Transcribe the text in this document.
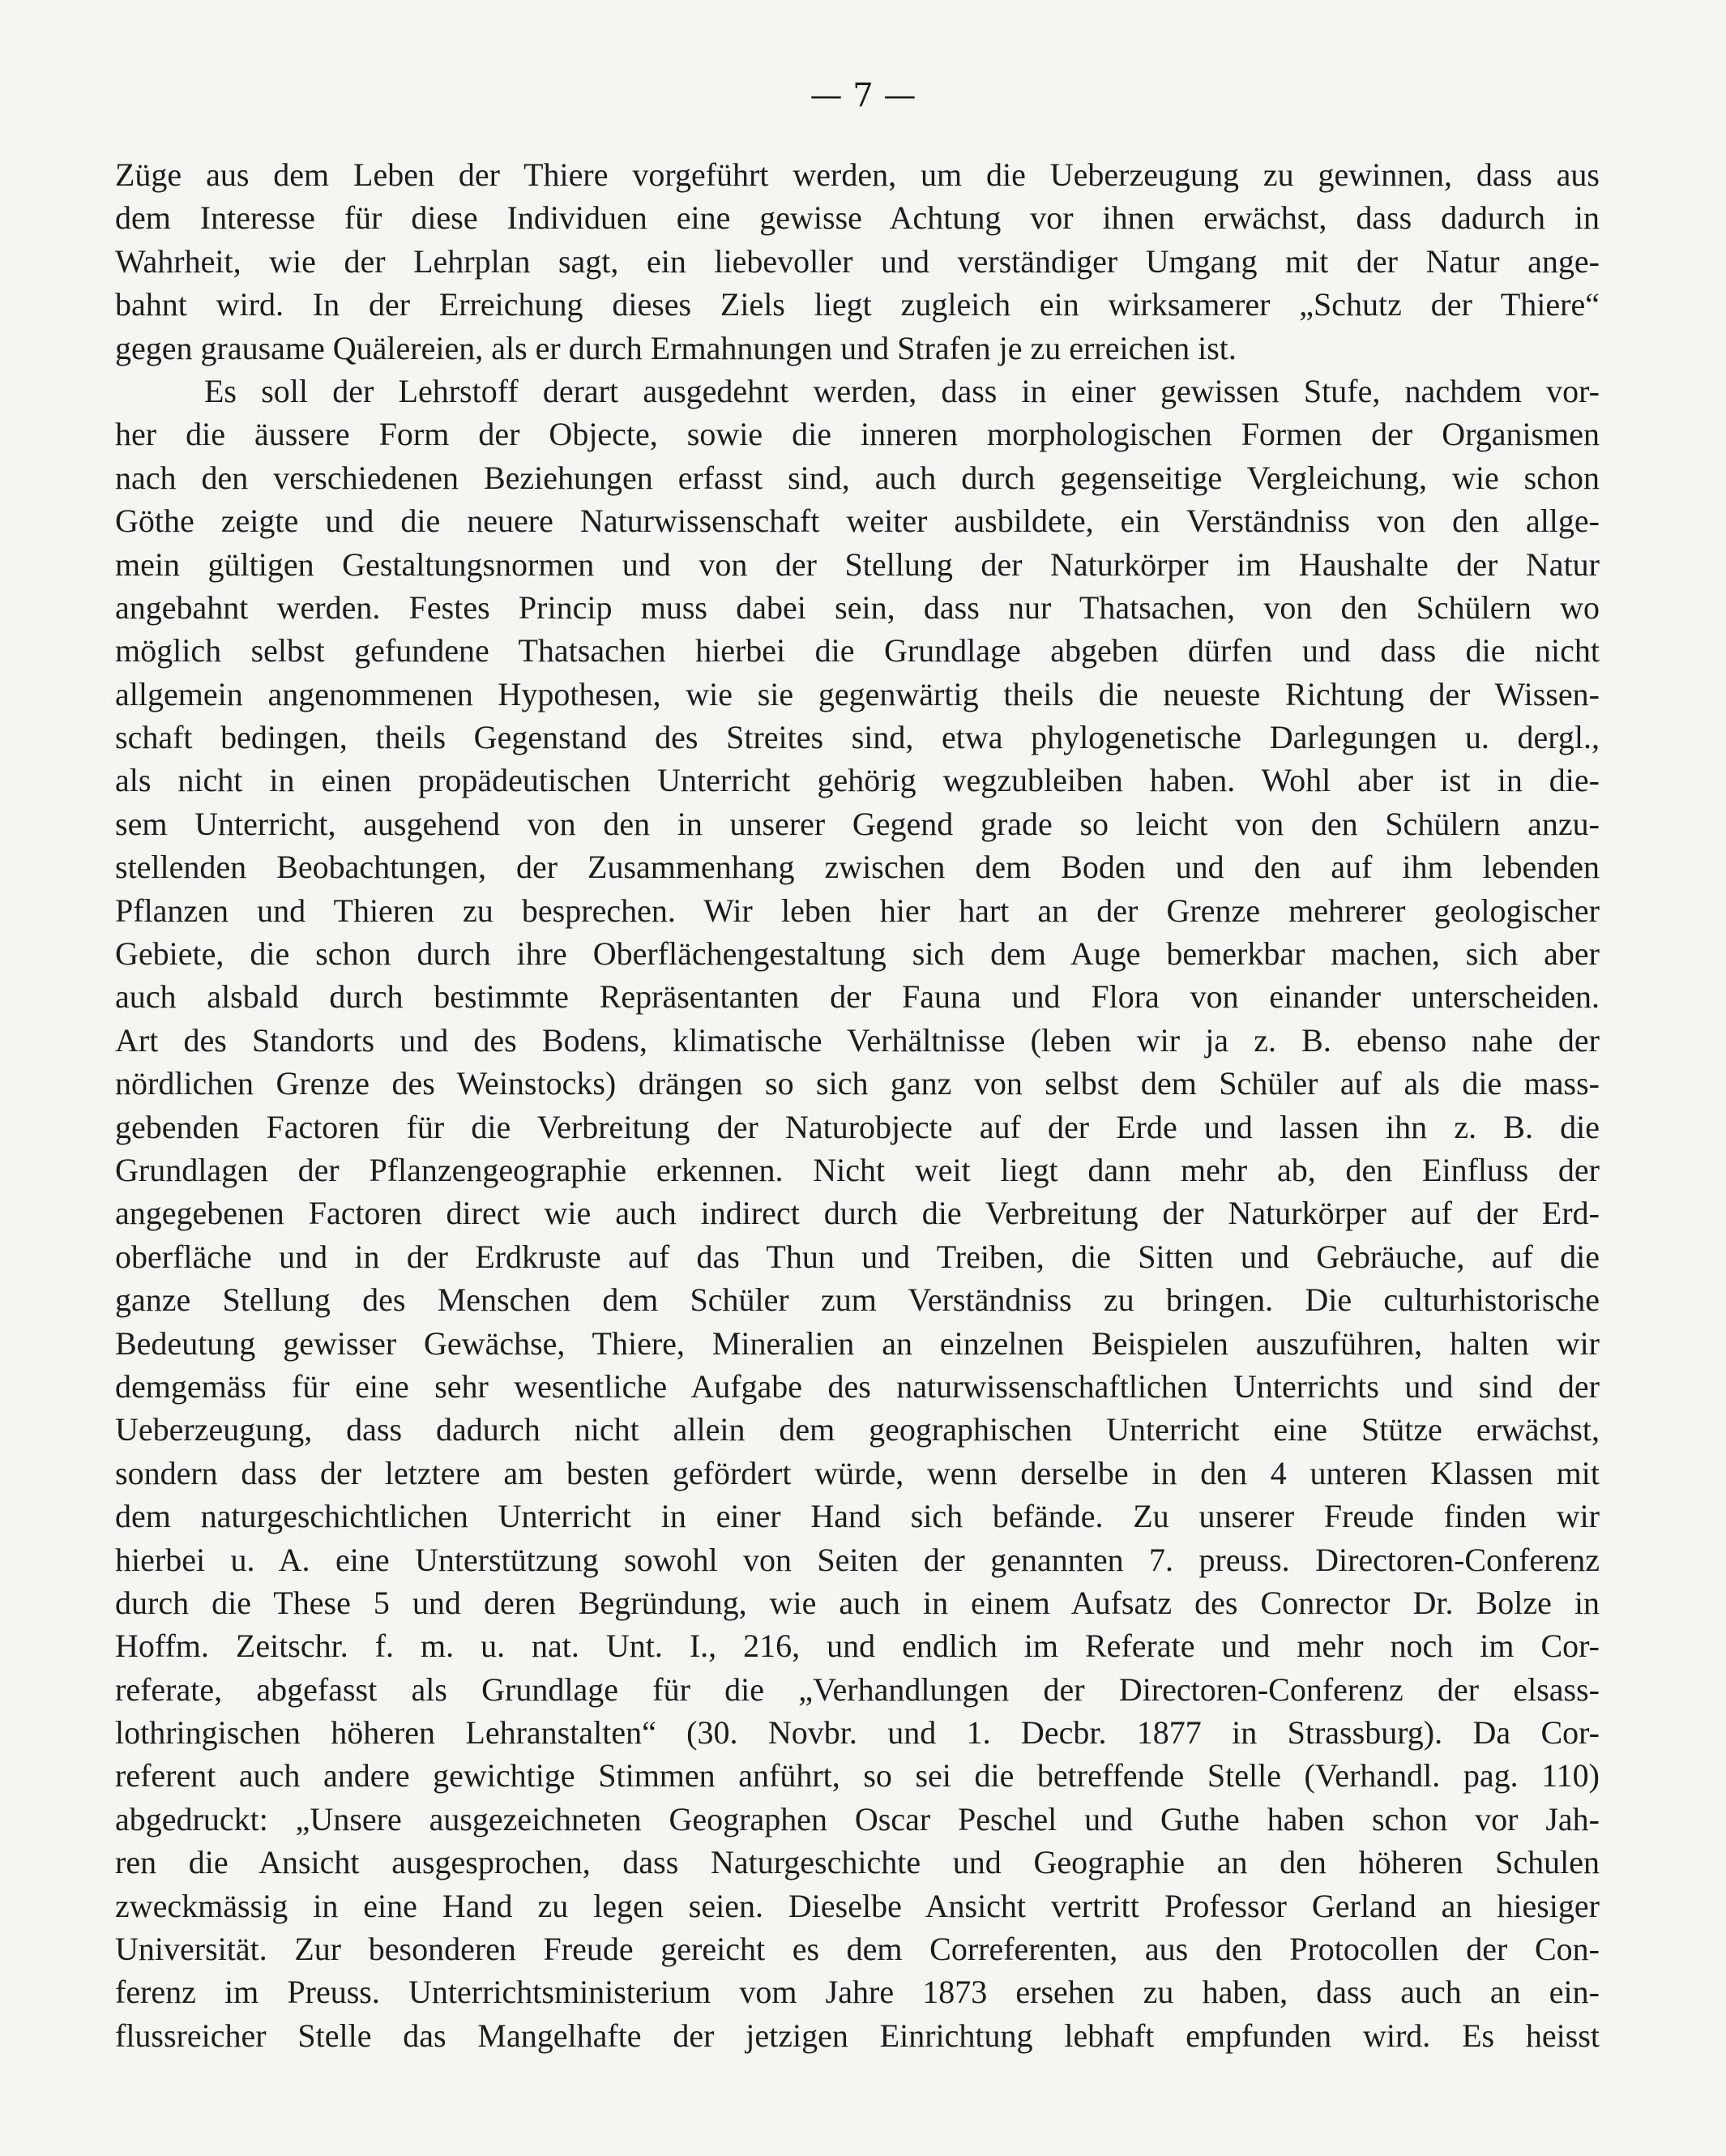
— 7 —
Züge aus dem Leben der Thiere vorgeführt werden, um die Ueberzeugung zu gewinnen, dass aus
dem Interesse für diese Individuen eine gewisse Achtung vor ihnen erwächst, dass dadurch in
Wahrheit, wie der Lehrplan sagt, ein liebevoller und verständiger Umgang mit der Natur ange-
bahnt wird. In der Erreichung dieses Ziels liegt zugleich ein wirksamerer „Schutz der Thiere“
gegen grausame Quälereien, als er durch Ermahnungen und Strafen je zu erreichen ist.
Es soll der Lehrstoff derart ausgedehnt werden, dass in einer gewissen Stufe, nachdem vor-
her die äussere Form der Objecte, sowie die inneren morphologischen Formen der Organismen
nach den verschiedenen Beziehungen erfasst sind, auch durch gegenseitige Vergleichung, wie schon
Göthe zeigte und die neuere Naturwissenschaft weiter ausbildete, ein Verständniss von den allge-
mein gültigen Gestaltungsnormen und von der Stellung der Naturkörper im Haushalte der Natur
angebahnt werden. Festes Princip muss dabei sein, dass nur Thatsachen, von den Schülern wo
möglich selbst gefundene Thatsachen hierbei die Grundlage abgeben dürfen und dass die nicht
allgemein angenommenen Hypothesen, wie sie gegenwärtig theils die neueste Richtung der Wissen-
schaft bedingen, theils Gegenstand des Streites sind, etwa phylogenetische Darlegungen u. dergl.,
als nicht in einen propädeutischen Unterricht gehörig wegzubleiben haben. Wohl aber ist in die-
sem Unterricht, ausgehend von den in unserer Gegend grade so leicht von den Schülern anzu-
stellenden Beobachtungen, der Zusammenhang zwischen dem Boden und den auf ihm lebenden
Pflanzen und Thieren zu besprechen. Wir leben hier hart an der Grenze mehrerer geologischer
Gebiete, die schon durch ihre Oberflächengestaltung sich dem Auge bemerkbar machen, sich aber
auch alsbald durch bestimmte Repräsentanten der Fauna und Flora von einander unterscheiden.
Art des Standorts und des Bodens, klimatische Verhältnisse (leben wir ja z. B. ebenso nahe der
nördlichen Grenze des Weinstocks) drängen so sich ganz von selbst dem Schüler auf als die mass-
gebenden Factoren für die Verbreitung der Naturobjecte auf der Erde und lassen ihn z. B. die
Grundlagen der Pflanzengeographie erkennen. Nicht weit liegt dann mehr ab, den Einfluss der
angegebenen Factoren direct wie auch indirect durch die Verbreitung der Naturkörper auf der Erd-
oberfläche und in der Erdkruste auf das Thun und Treiben, die Sitten und Gebräuche, auf die
ganze Stellung des Menschen dem Schüler zum Verständniss zu bringen. Die culturhistorische
Bedeutung gewisser Gewächse, Thiere, Mineralien an einzelnen Beispielen auszuführen, halten wir
demgemäss für eine sehr wesentliche Aufgabe des naturwissenschaftlichen Unterrichts und sind der
Ueberzeugung, dass dadurch nicht allein dem geographischen Unterricht eine Stütze erwächst,
sondern dass der letztere am besten gefördert würde, wenn derselbe in den 4 unteren Klassen mit
dem naturgeschichtlichen Unterricht in einer Hand sich befände. Zu unserer Freude finden wir
hierbei u. A. eine Unterstützung sowohl von Seiten der genannten 7. preuss. Directoren-Conferenz
durch die These 5 und deren Begründung, wie auch in einem Aufsatz des Conrector Dr. Bolze in
Hoffm. Zeitschr. f. m. u. nat. Unt. I., 216, und endlich im Referate und mehr noch im Cor-
referate, abgefasst als Grundlage für die „Verhandlungen der Directoren-Conferenz der elsass-
lothringischen höheren Lehranstalten“ (30. Novbr. und 1. Decbr. 1877 in Strassburg). Da Cor-
referent auch andere gewichtige Stimmen anführt, so sei die betreffende Stelle (Verhandl. pag. 110)
abgedruckt: „Unsere ausgezeichneten Geographen Oscar Peschel und Guthe haben schon vor Jah-
ren die Ansicht ausgesprochen, dass Naturgeschichte und Geographie an den höheren Schulen
zweckmässig in eine Hand zu legen seien. Dieselbe Ansicht vertritt Professor Gerland an hiesiger
Universität. Zur besonderen Freude gereicht es dem Correferenten, aus den Protocollen der Con-
ferenz im Preuss. Unterrichtsministerium vom Jahre 1873 ersehen zu haben, dass auch an ein-
flussreicher Stelle das Mangelhafte der jetzigen Einrichtung lebhaft empfunden wird. Es heisst
